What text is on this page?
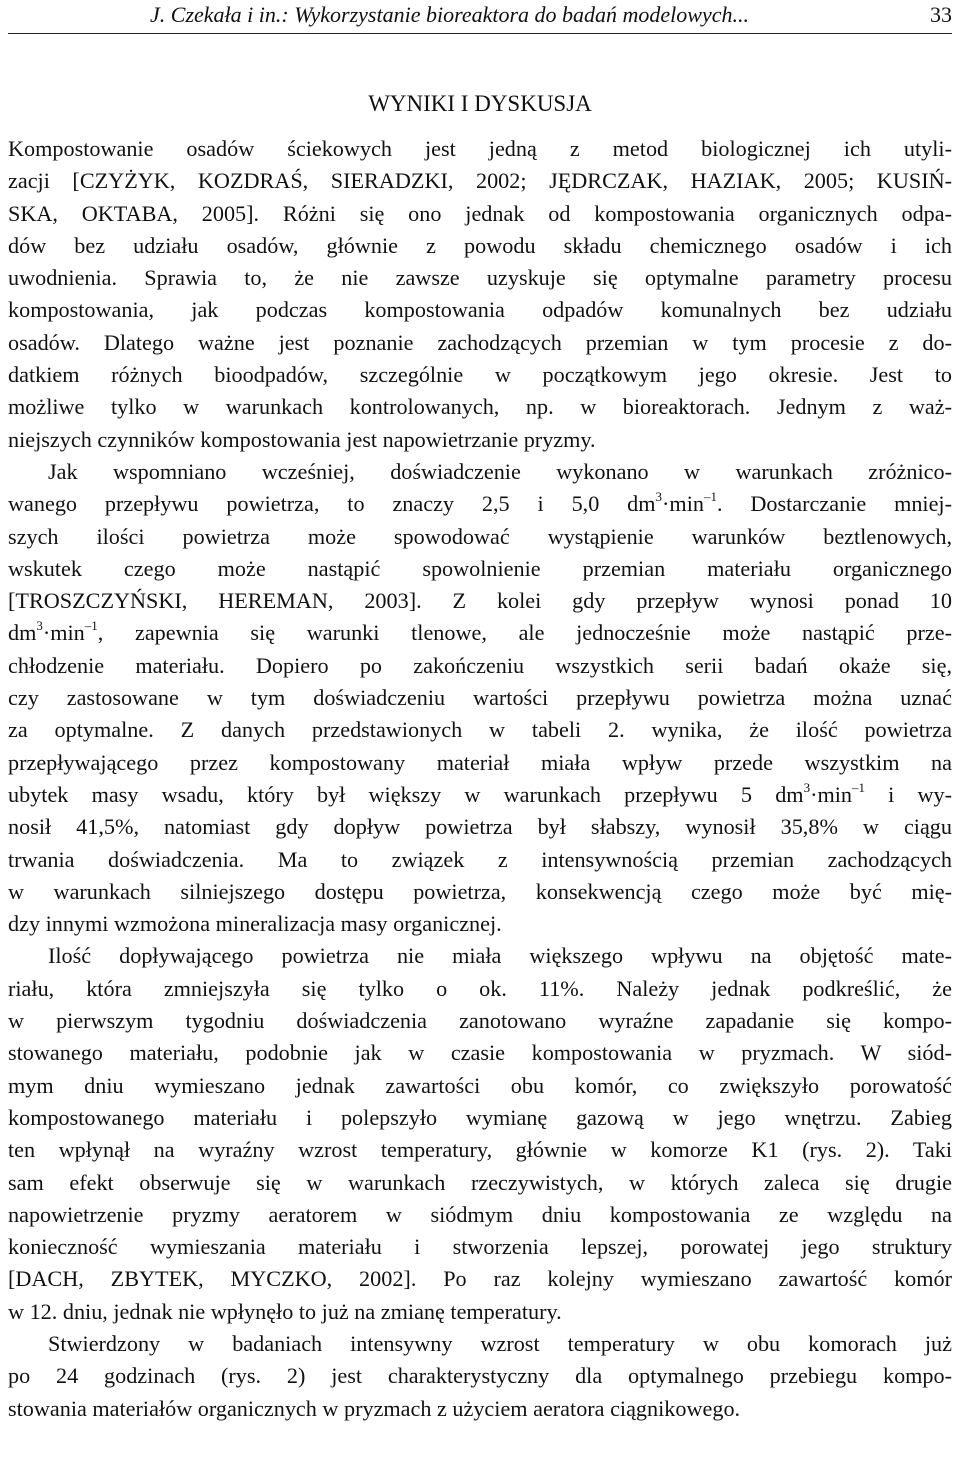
J. Czekała i in.: Wykorzystanie bioreaktora do badań modelowych...	33
WYNIKI I DYSKUSJA

Kompostowanie osadów ściekowych jest jedną z metod biologicznej ich utyli-
zacji [CZYŻYK, KOZDRAŚ, SIERADZKI, 2002; JĘDRCZAK, HAZIAK, 2005; KUSIŃ-
SKA, OKTABA, 2005]. Różni się ono jednak od kompostowania organicznych odpa-
dów bez udziału osadów, głównie z powodu składu chemicznego osadów i ich
uwodnienia. Sprawia to, że nie zawsze uzyskuje się optymalne parametry procesu
kompostowania, jak podczas kompostowania odpadów komunalnych bez udziału
osadów. Dlatego ważne jest poznanie zachodzących przemian w tym procesie z do-
datkiem różnych bioodpadów, szczególnie w początkowym jego okresie. Jest to
możliwe tylko w warunkach kontrolowanych, np. w bioreaktorach. Jednym z waż-
niejszych czynników kompostowania jest napowietrzanie pryzmy.

Jak wspomniano wcześniej, doświadczenie wykonano w warunkach zróżnico-
wanego przepływu powietrza, to znaczy 2,5 i 5,0 $dm^3\cdot\min^{-1}$. Dostarczanie mniej-
szych ilości powietrza może spowodować wystąpienie warunków beztlenowych,
wskutek czego może nastąpić spowolnienie przemian materiału organicznego
[TROSZCZYŃSKI, HEREMAN, 2003]. Z kolei gdy przepływ wynosi ponad 10
$dm^3\cdot\min^{-1}$, zapewnia się warunki tlenowe, ale jednocześnie może nastąpić prze-
chłodzenie materiału. Dopiero po zakończeniu wszystkich serii badań okaże się,
czy zastosowane w tym doświadczeniu wartości przepływu powietrza można uznać
za optymalne. Z danych przedstawionych w tabeli 2. wynika, że ilość powietrza
przepływającego przez kompostowany materiał miała wpływ przede wszystkim na
ubytek masy wsadu, który był większy w warunkach przepływu 5 $dm^3\cdot\min^{-1}$ i wy-
nosił 41,5%, natomiast gdy dopływ powietrza był słabszy, wynosił 35,8% w ciągu
trwania doświadczenia. Ma to związek z intensywnością przemian zachodzących
w warunkach silniejszego dostępu powietrza, konsekwencją czego może być mię-
dzy innymi wzmożona mineralizacja masy organicznej.

Ilość dopływającego powietrza nie miała większego wpływu na objętość mate-
riału, która zmniejszyła się tylko o ok. 11%. Należy jednak podkreślić, że
w pierwszym tygodniu doświadczenia zanotowano wyraźne zapadanie się kompo-
stowanego materiału, podobnie jak w czasie kompostowania w pryzmach. W siód-
mym dniu wymieszano jednak zawartości obu komór, co zwiększyło porowatość
kompostowanego materiału i polepszyło wymianę gazową w jego wnętrzu. Zabieg
ten wpłynął na wyraźny wzrost temperatury, głównie w komorze K1 (rys. 2). Taki
sam efekt obserwuje się w warunkach rzeczywistych, w których zaleca się drugie
napowietrzenie pryzmy aeratorem w siódmym dniu kompostowania ze względu na
konieczność wymieszania materiału i stworzenia lepszej, porowatej jego struktury
[DACH, ZBYTEK, MYCZKO, 2002]. Po raz kolejny wymieszano zawartość komór
w 12. dniu, jednak nie wpłynęło to już na zmianę temperatury.

Stwierdzony w badaniach intensywny wzrost temperatury w obu komorach już
po 24 godzinach (rys. 2) jest charakterystyczny dla optymalnego przebiegu kompo-
stowania materiałów organicznych w pryzmach z użyciem aeratora ciągnikowego.
